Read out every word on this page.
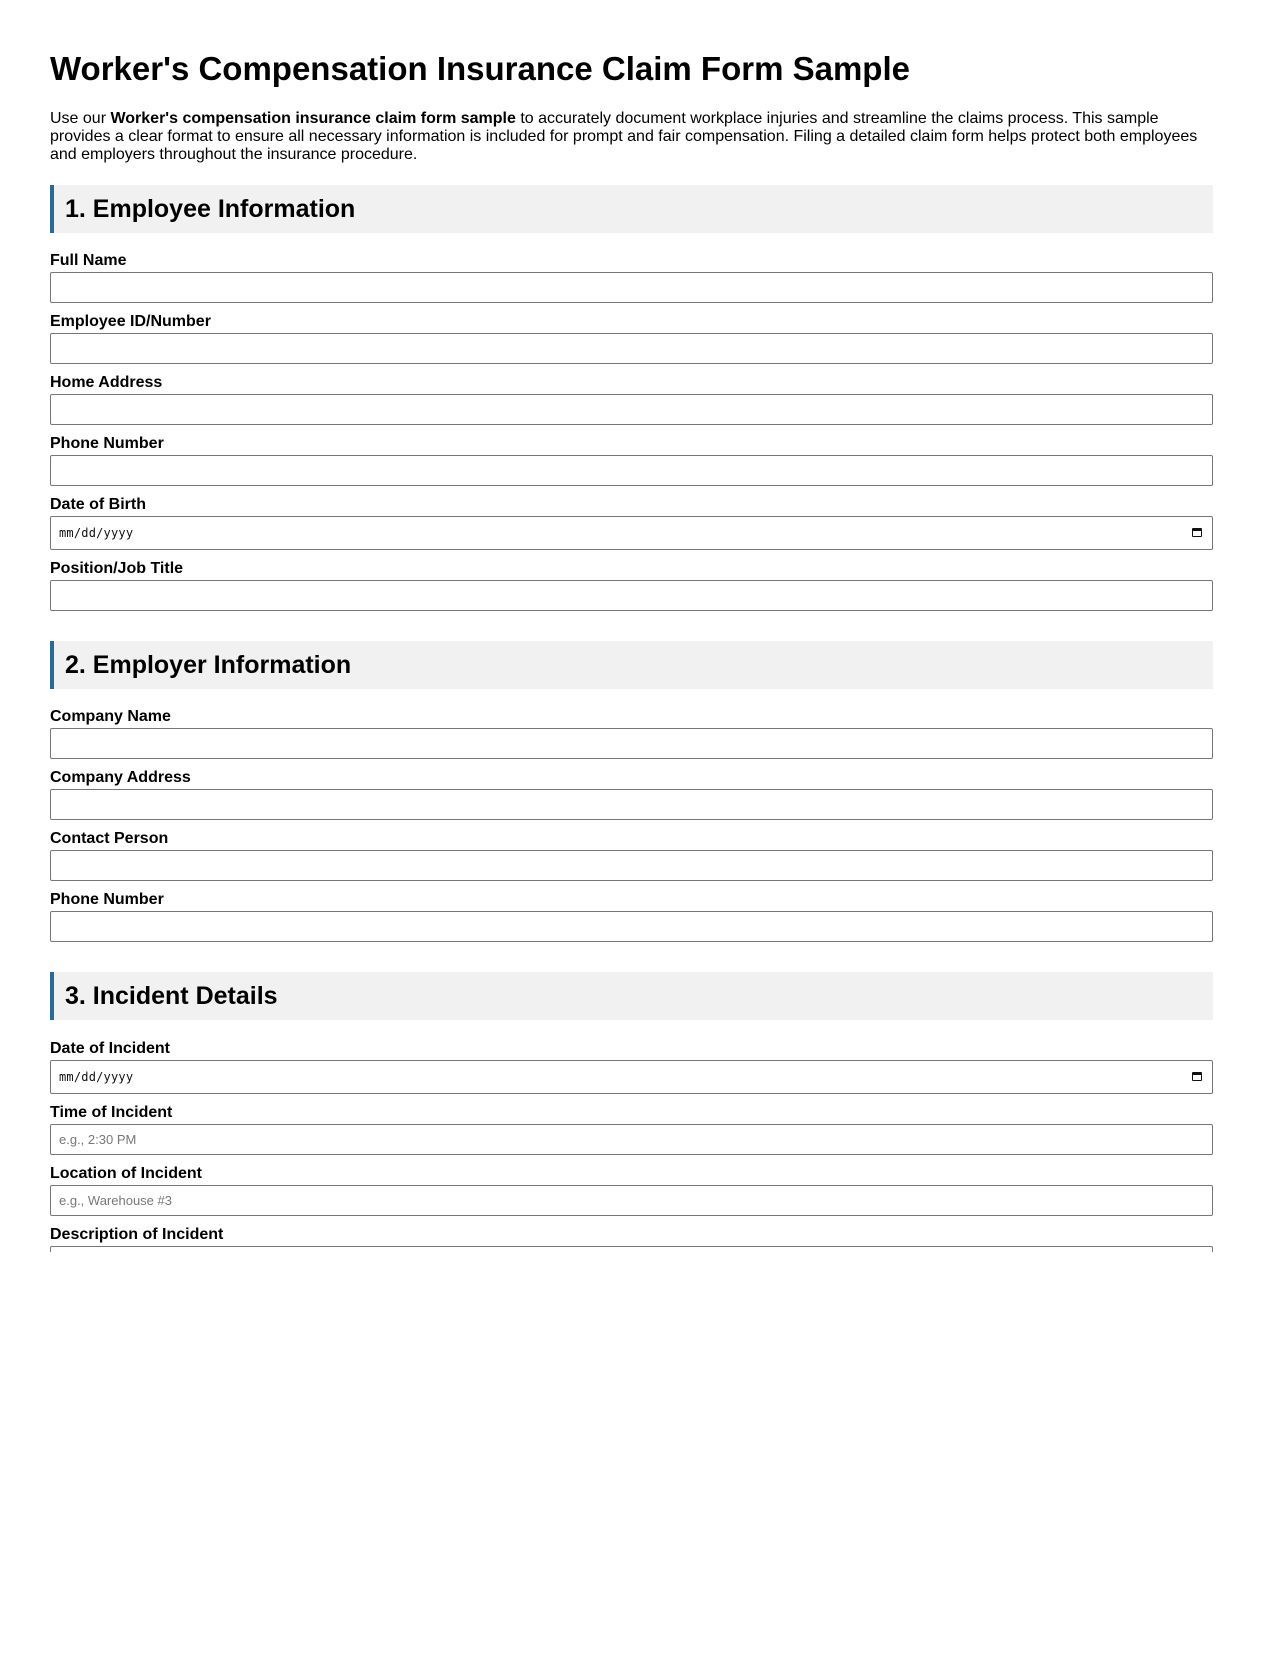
Worker's Compensation Insurance Claim Form Sample

Use our Worker's compensation insurance claim form sample to accurately document workplace injuries and streamline the claims process. This sample provides a clear format to ensure all necessary information is included for prompt and fair compensation. Filing a detailed claim form helps protect both employees and employers throughout the insurance procedure.

1. Employee Information
Full Name
Employee ID/Number
Home Address
Phone Number
Date of Birth
mm/dd/yyyy
Position/Job Title
2. Employer Information
Company Name
Company Address
Contact Person
Phone Number
3. Incident Details
Date of Incident
mm/dd/yyyy
Time of Incident
e.g., 2:30 PM
Location of Incident
e.g., Warehouse #3
Description of Incident
